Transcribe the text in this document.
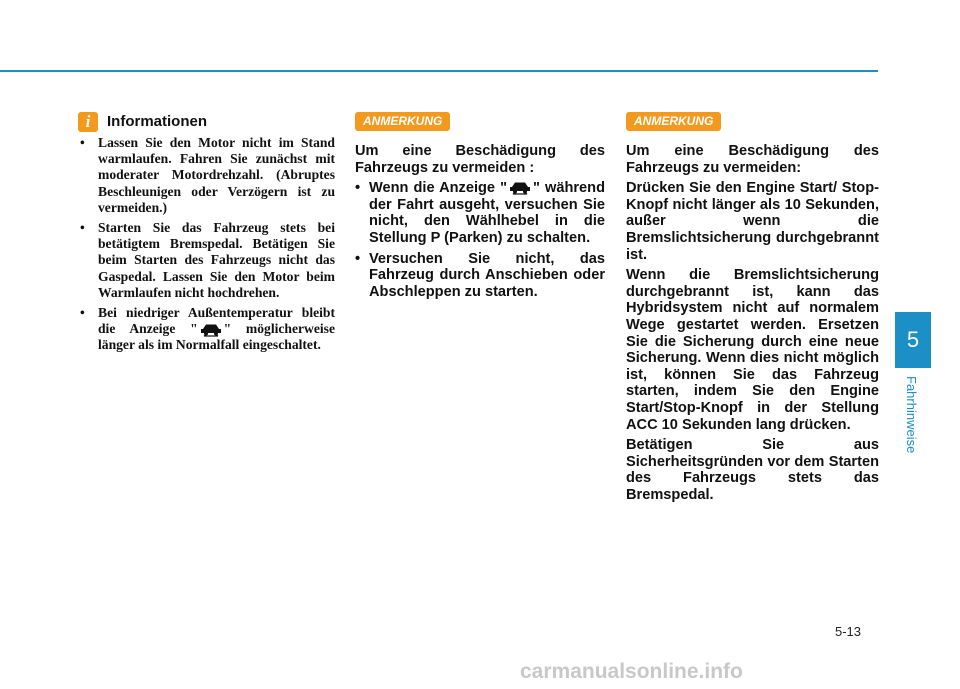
i	Informationen
• Lassen Sie den Motor nicht im Stand warmlaufen. Fahren Sie zunächst mit moderater Motordrehzahl. (Abruptes Beschleunigen oder Verzögern ist zu vermeiden.)
• Starten Sie das Fahrzeug stets bei betätigtem Bremspedal. Betätigen Sie beim Starten des Fahrzeugs nicht das Gaspedal. Lassen Sie den Motor beim Warmlaufen nicht hochdrehen.
• Bei niedriger Außentemperatur bleibt die Anzeige " " möglicherweise länger als im Normalfall eingeschaltet.
ANMERKUNG

Um eine Beschädigung des Fahrzeugs zu vermeiden :

• Wenn die Anzeige " " während der Fahrt ausgeht, versuchen Sie nicht, den Wählhebel in die Stellung P (Parken) zu schalten.
• Versuchen Sie nicht, das Fahrzeug durch Anschieben oder Abschleppen zu starten.
ANMERKUNG

Um eine Beschädigung des Fahrzeugs zu vermeiden:

Drücken Sie den Engine Start/ Stop-Knopf nicht länger als 10 Sekunden, außer wenn die Bremslichtsicherung durchgebrannt ist.

Wenn die Bremslichtsicherung durchgebrannt ist, kann das Hybridsystem nicht auf normalem Wege gestartet werden. Ersetzen Sie die Sicherung durch eine neue Sicherung. Wenn dies nicht möglich ist, können Sie das Fahrzeug starten, indem Sie den Engine Start/Stop-Knopf in der Stellung ACC 10 Sekunden lang drücken.

Betätigen Sie aus Sicherheitsgründen vor dem Starten des Fahrzeugs stets das Bremspedal.

5
Fahrhinweise
5-13
carmanualsonline.info
